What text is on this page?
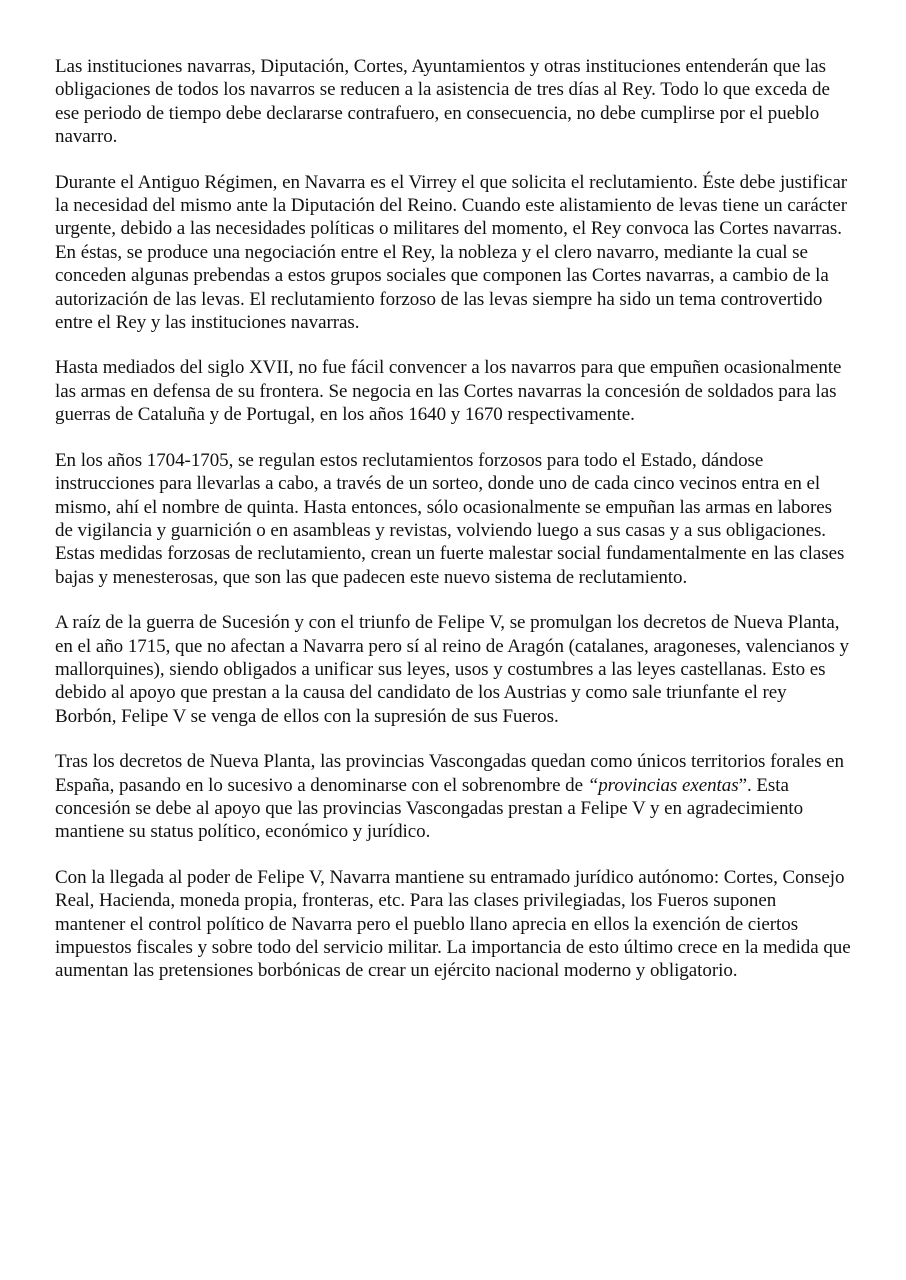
Las instituciones navarras, Diputación, Cortes, Ayuntamientos y otras instituciones entenderán que las obligaciones de todos los navarros se reducen a la asistencia de tres días al Rey. Todo lo que exceda de ese periodo de tiempo debe declararse contrafuero, en consecuencia, no debe cumplirse por el pueblo navarro.

Durante el Antiguo Régimen, en Navarra es el Virrey el que solicita el reclutamiento. Éste debe justificar la necesidad del mismo ante la Diputación del Reino. Cuando este alistamiento de levas tiene un carácter urgente, debido a las necesidades políticas o militares del momento, el Rey convoca las Cortes navarras. En éstas, se produce una negociación entre el Rey, la nobleza y el clero navarro, mediante la cual se conceden algunas prebendas a estos grupos sociales que componen las Cortes navarras, a cambio de la autorización de las levas. El reclutamiento forzoso de las levas siempre ha sido un tema controvertido entre el Rey y las instituciones navarras.

Hasta mediados del siglo XVII, no fue fácil convencer a los navarros para que empuñen ocasionalmente las armas en defensa de su frontera. Se negocia en las Cortes navarras la concesión de soldados para las guerras de Cataluña y de Portugal, en los años 1640 y 1670 respectivamente.

En los años 1704-1705, se regulan estos reclutamientos forzosos para todo el Estado, dándose instrucciones para llevarlas a cabo, a través de un sorteo, donde uno de cada cinco vecinos entra en el mismo, ahí el nombre de quinta. Hasta entonces, sólo ocasionalmente se empuñan las armas en labores de vigilancia y guarnición o en asambleas y revistas, volviendo luego a sus casas y a sus obligaciones. Estas medidas forzosas de reclutamiento, crean un fuerte malestar social fundamentalmente en las clases bajas y menesterosas, que son las que padecen este nuevo sistema de reclutamiento.

A raíz de la guerra de Sucesión y con el triunfo de Felipe V, se promulgan los decretos de Nueva Planta, en el año 1715, que no afectan a Navarra pero sí al reino de Aragón (catalanes, aragoneses, valencianos y mallorquines), siendo obligados a unificar sus leyes, usos y costumbres a las leyes castellanas. Esto es debido al apoyo que prestan a la causa del candidato de los Austrias y como sale triunfante el rey Borbón, Felipe V se venga de ellos con la supresión de sus Fueros.

Tras los decretos de Nueva Planta, las provincias Vascongadas quedan como únicos territorios forales en España, pasando en lo sucesivo a denominarse con el sobrenombre de “provincias exentas”. Esta concesión se debe al apoyo que las provincias Vascongadas prestan a Felipe V y en agradecimiento mantiene su status político, económico y jurídico.

Con la llegada al poder de Felipe V, Navarra mantiene su entramado jurídico autónomo: Cortes, Consejo Real, Hacienda, moneda propia, fronteras, etc. Para las clases privilegiadas, los Fueros suponen mantener el control político de Navarra pero el pueblo llano aprecia en ellos la exención de ciertos impuestos fiscales y sobre todo del servicio militar. La importancia de esto último crece en la medida que aumentan las pretensiones borbónicas de crear un ejército nacional moderno y obligatorio.
